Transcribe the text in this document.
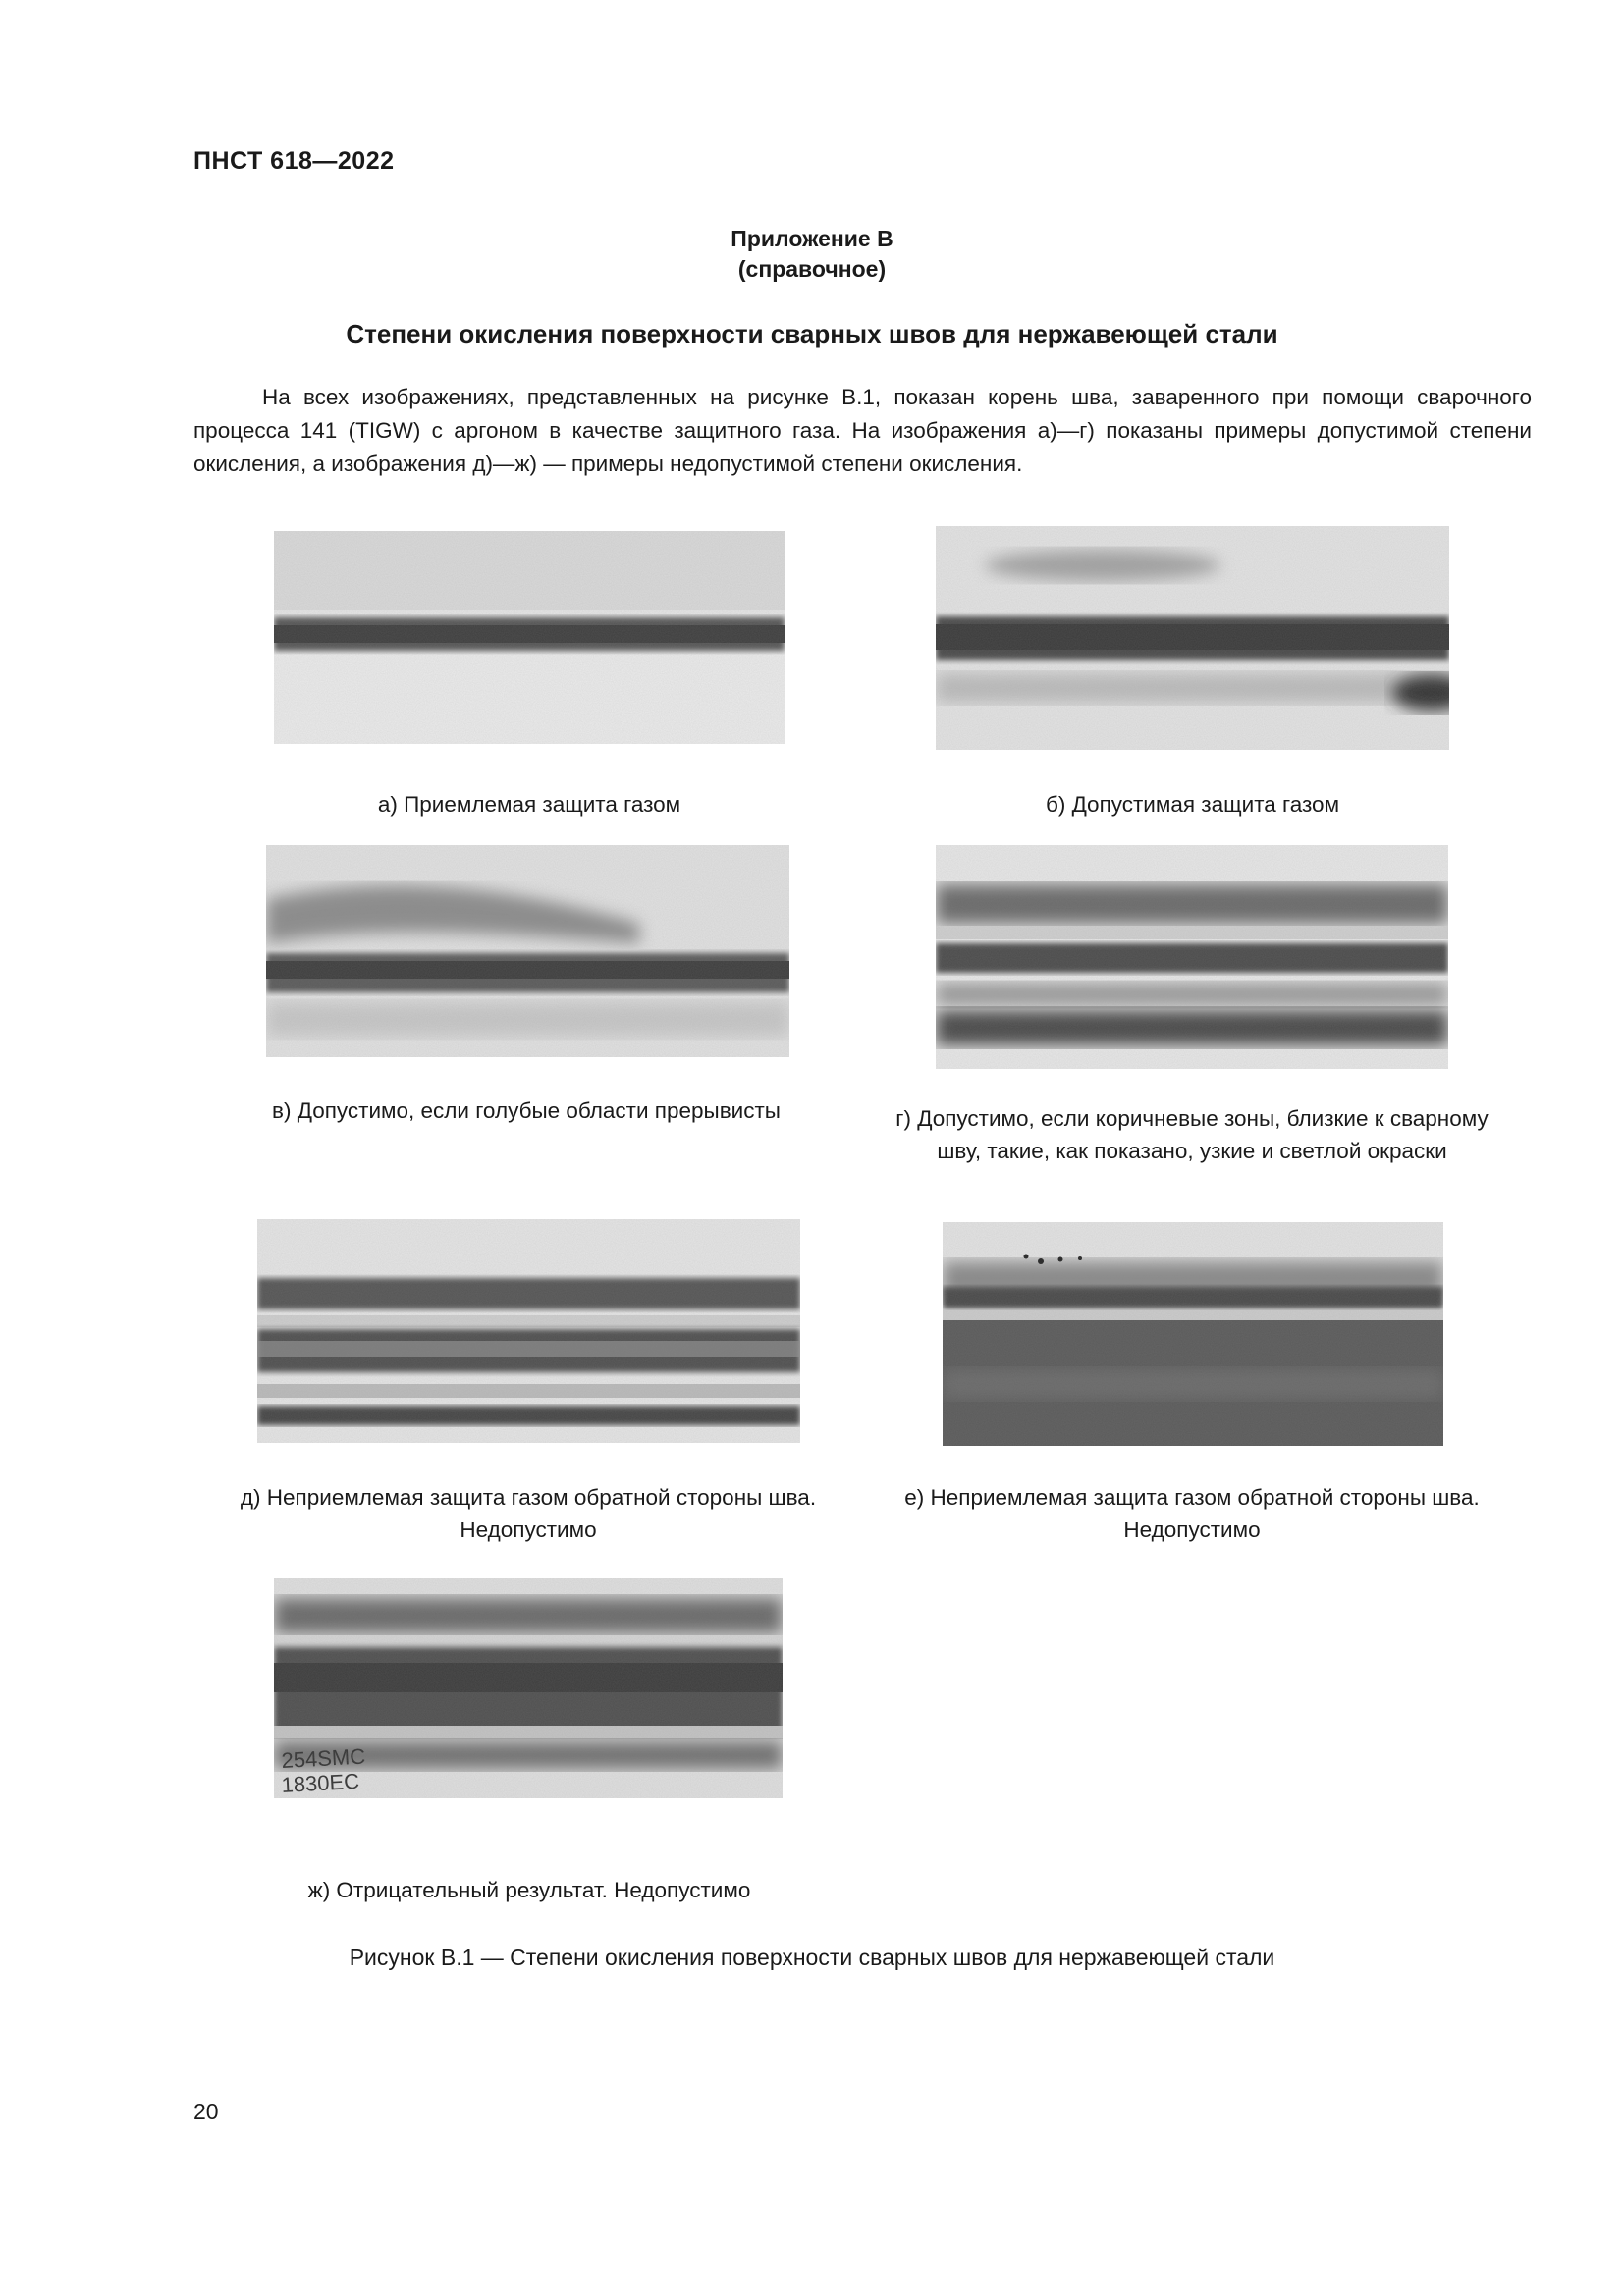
ПНСТ 618—2022
Приложение В
(справочное)
Степени окисления поверхности сварных швов для нержавеющей стали
На всех изображениях, представленных на рисунке В.1, показан корень шва, заваренного при помощи сварочного процесса 141 (TIGW) с аргоном в качестве защитного газа. На изображения а)—г) показаны примеры допустимой степени окисления, а изображения д)—ж) — примеры недопустимой степени окисления.
а) Приемлемая защита газом	б) Допустимая защита газом
в) Допустимо, если голубые области прерывисты	г) Допустимо, если коричневые зоны, близкие к сварному шву, такие, как показано, узкие и светлой окраски
д) Неприемлемая защита газом обратной стороны шва. Недопустимо
е) Неприемлемая защита газом обратной стороны шва. Недопустимо
ж) Отрицательный результат. Недопустимо
Рисунок В.1 — Степени окисления поверхности сварных швов для нержавеющей стали
20
